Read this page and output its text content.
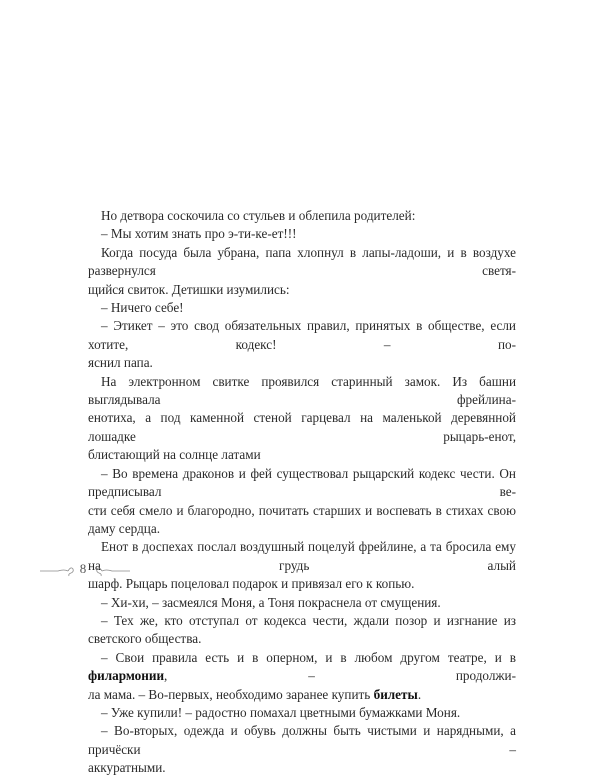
Но детвора соскочила со стульев и облепила родителей:

– Мы хотим знать про э-ти-ке-ет!!!

Когда посуда была убрана, папа хлопнул в лапы-ладоши, и в воздухе развернулся светя-
щийся свиток. Детишки изумились:

– Ничего себе!

– Этикет – это свод обязательных правил, принятых в обществе, если хотите, кодекс! – по-
яснил папа.

На электронном свитке проявился старинный замок. Из башни выглядывала фрейлина-
енотиха, а под каменной стеной гарцевал на маленькой деревянной лошадке рыцарь-енот,
блистающий на солнце латами

– Во времена драконов и фей существовал рыцарский кодекс чести. Он предписывал ве-
сти себя смело и благородно, почитать старших и воспевать в стихах свою даму сердца.

Енот в доспехах послал воздушный поцелуй фрейлине, а та бросила ему на грудь алый
шарф. Рыцарь поцеловал подарок и привязал его к копью.

– Хи-хи, – засмеялся Моня, а Тоня покраснела от смущения.

– Тех же, кто отступал от кодекса чести, ждали позор и изгнание из светского общества.

– Свои правила есть и в оперном, и в любом другом театре, и в филармонии, – продолжи-
ла мама. – Во-первых, необходимо заранее купить билеты.

– Уже купили! – радостно помахал цветными бумажками Моня.

– Во-вторых, одежда и обувь должны быть чистыми и нарядными, а причёски –
аккуратными.

8
